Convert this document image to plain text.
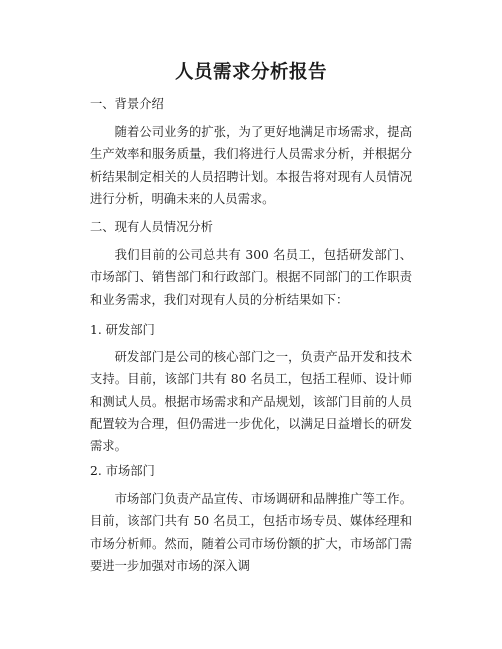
人员需求分析报告

一、背景介绍

随着公司业务的扩张，为了更好地满足市场需求，提高生产效率和服务质量，我们将进行人员需求分析，并根据分析结果制定相关的人员招聘计划。本报告将对现有人员情况进行分析，明确未来的人员需求。

二、现有人员情况分析

我们目前的公司总共有 300 名员工，包括研发部门、市场部门、销售部门和行政部门。根据不同部门的工作职责和业务需求，我们对现有人员的分析结果如下：

1. 研发部门

研发部门是公司的核心部门之一，负责产品开发和技术支持。目前，该部门共有 80 名员工，包括工程师、设计师和测试人员。根据市场需求和产品规划，该部门目前的人员配置较为合理，但仍需进一步优化，以满足日益增长的研发需求。

2. 市场部门

市场部门负责产品宣传、市场调研和品牌推广等工作。目前，该部门共有 50 名员工，包括市场专员、媒体经理和市场分析师。然而，随着公司市场份额的扩大，市场部门需要进一步加强对市场的深入调
